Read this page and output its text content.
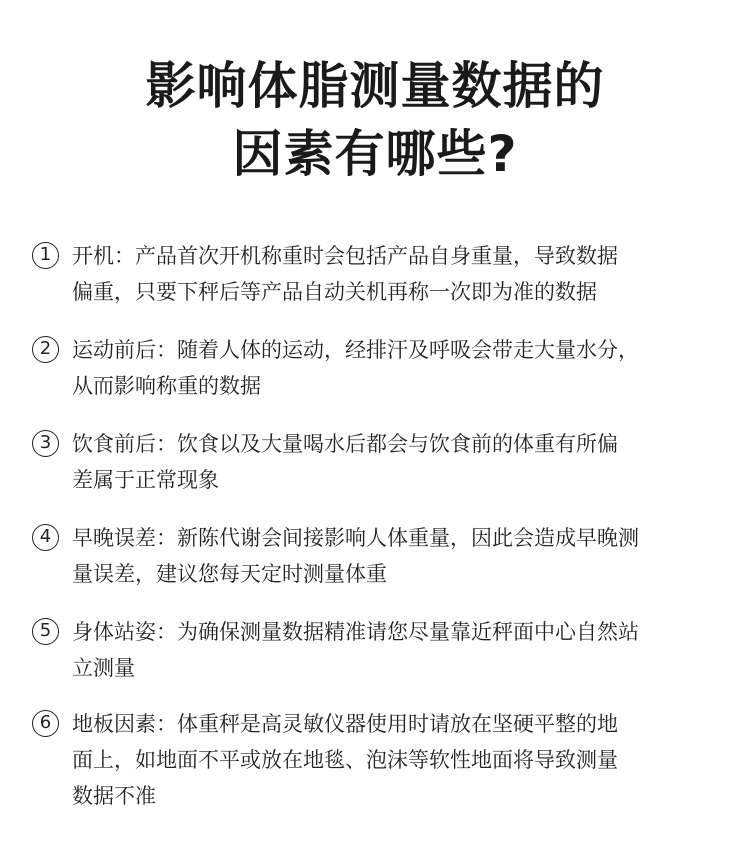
影响体脂测量数据的
因素有哪些?
1 开机：产品首次开机称重时会包括产品自身重量，导致数据
偏重，只要下秤后等产品自动关机再称一次即为准的数据
2 运动前后：随着人体的运动，经排汗及呼吸会带走大量水分，
从而影响称重的数据
3 饮食前后：饮食以及大量喝水后都会与饮食前的体重有所偏
差属于正常现象
4 早晚误差：新陈代谢会间接影响人体重量，因此会造成早晚测
量误差，建议您每天定时测量体重
5 身体站姿：为确保测量数据精准请您尽量靠近秤面中心自然站
立测量
6 地板因素：体重秤是高灵敏仪器使用时请放在坚硬平整的地
面上，如地面不平或放在地毯、泡沫等软性地面将导致测量
数据不准
